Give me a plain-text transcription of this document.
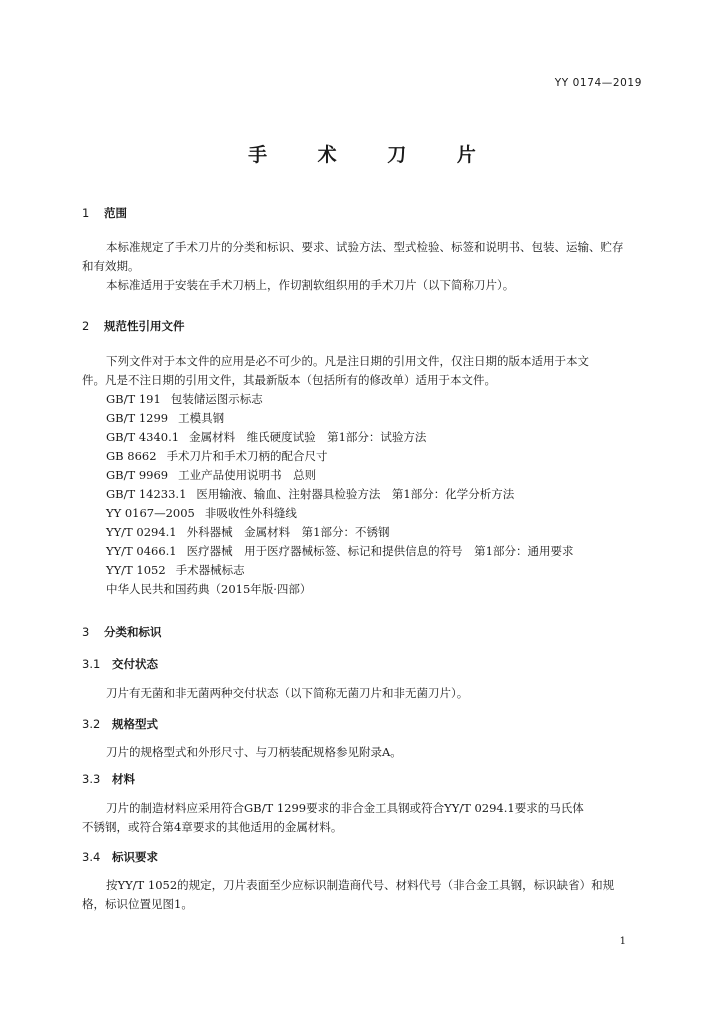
YY 0174—2019
手 术 刀 片
1 范围
本标准规定了手术刀片的分类和标识、要求、试验方法、型式检验、标签和说明书、包装、运输、贮存
和有效期。
本标准适用于安装在手术刀柄上，作切割软组织用的手术刀片（以下简称刀片）。
2 规范性引用文件
下列文件对于本文件的应用是必不可少的。凡是注日期的引用文件，仅注日期的版本适用于本文
件。凡是不注日期的引用文件，其最新版本（包括所有的修改单）适用于本文件。
GB/T 191 包装储运图示标志
GB/T 1299 工模具钢
GB/T 4340.1 金属材料　维氏硬度试验　第1部分：试验方法
GB 8662 手术刀片和手术刀柄的配合尺寸
GB/T 9969 工业产品使用说明书　总则
GB/T 14233.1 医用输液、输血、注射器具检验方法　第1部分：化学分析方法
YY 0167—2005 非吸收性外科缝线
YY/T 0294.1 外科器械　金属材料　第1部分：不锈钢
YY/T 0466.1 医疗器械　用于医疗器械标签、标记和提供信息的符号　第1部分：通用要求
YY/T 1052 手术器械标志
中华人民共和国药典（2015年版·四部）
3 分类和标识
3.1 交付状态
刀片有无菌和非无菌两种交付状态（以下简称无菌刀片和非无菌刀片）。
3.2 规格型式
刀片的规格型式和外形尺寸、与刀柄装配规格参见附录A。
3.3 材料
刀片的制造材料应采用符合GB/T 1299要求的非合金工具钢或符合YY/T 0294.1要求的马氏体
不锈钢，或符合第4章要求的其他适用的金属材料。
3.4 标识要求
按YY/T 1052的规定，刀片表面至少应标识制造商代号、材料代号（非合金工具钢，标识缺省）和规
格，标识位置见图1。
1
